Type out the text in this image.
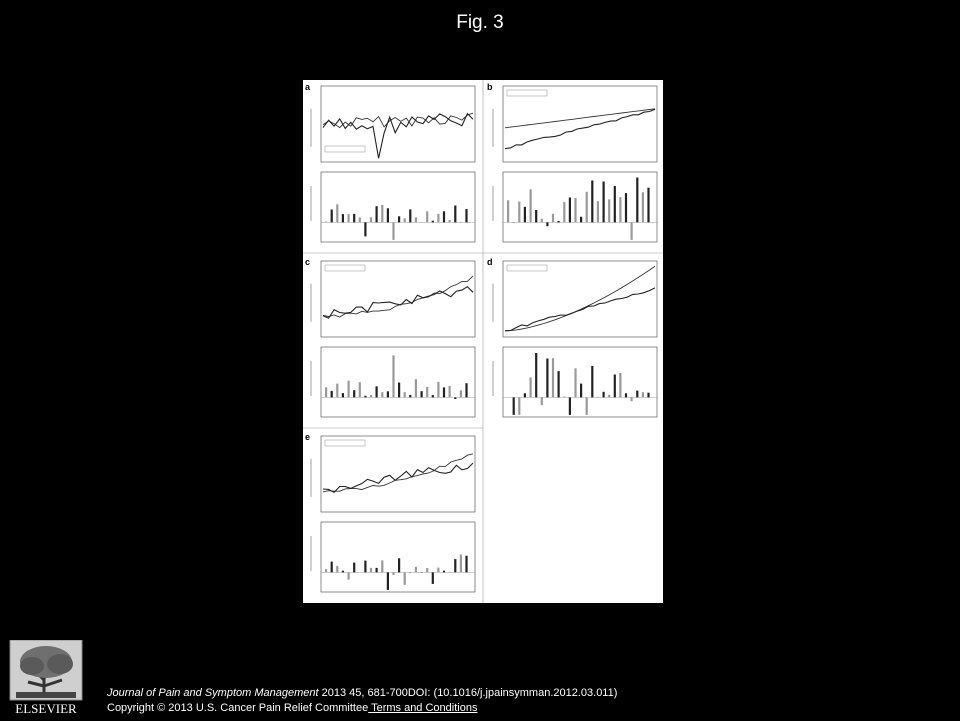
Fig. 3
a	b
c	d
e
ELSEVIER
Journal of Pain and Symptom Management 2013 45, 681-700DOI: (10.1016/j.jpainsymman.2012.03.011)
Copyright © 2013 U.S. Cancer Pain Relief Committee Terms and Conditions
